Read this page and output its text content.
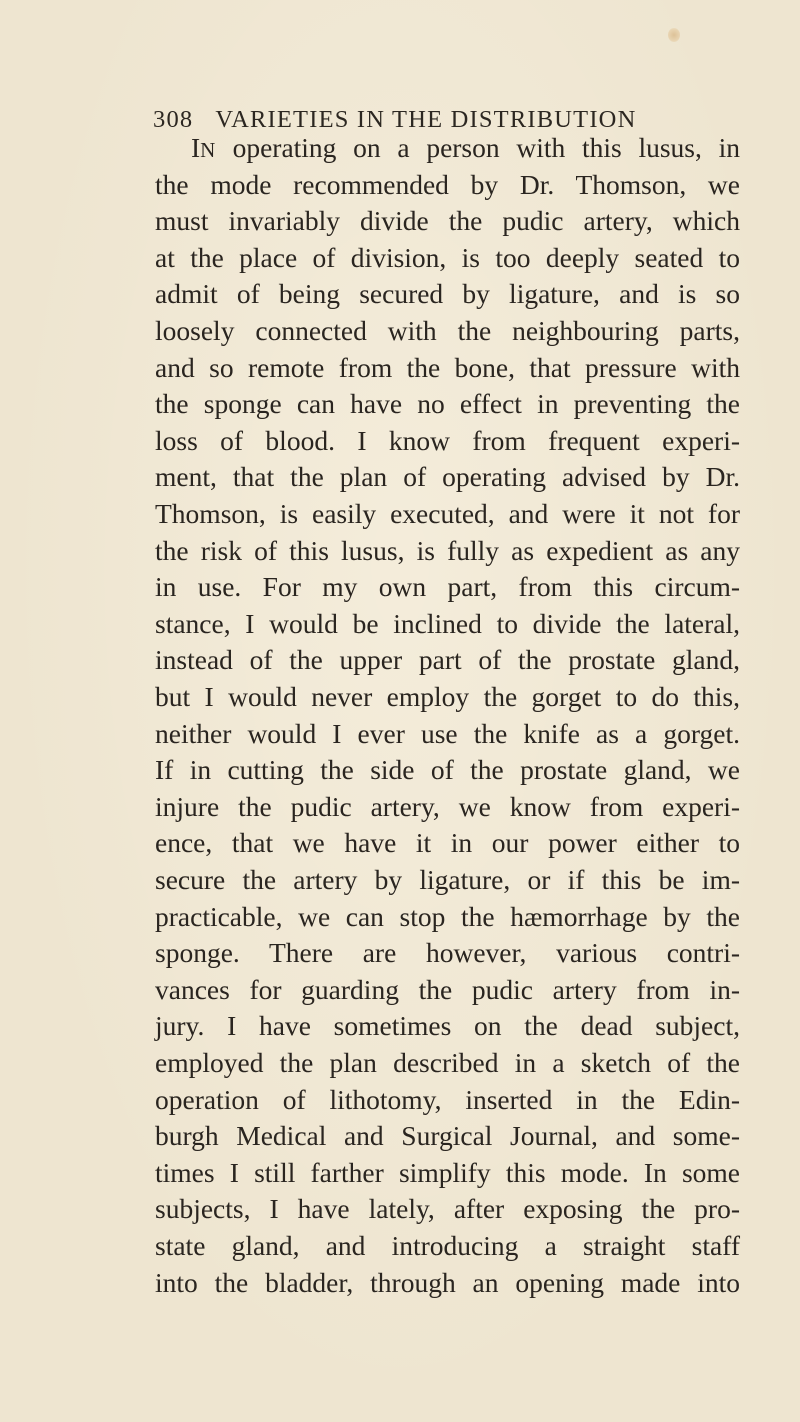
308 VARIETIES IN THE DISTRIBUTION
IN operating on a person with this lusus, in
the mode recommended by Dr. Thomson, we
must invariably divide the pudic artery, which
at the place of division, is too deeply seated to
admit of being secured by ligature, and is so
loosely connected with the neighbouring parts,
and so remote from the bone, that pressure with
the sponge can have no effect in preventing the
loss of blood. I know from frequent experi-
ment, that the plan of operating advised by Dr.
Thomson, is easily executed, and were it not for
the risk of this lusus, is fully as expedient as any
in use. For my own part, from this circum-
stance, I would be inclined to divide the lateral,
instead of the upper part of the prostate gland,
but I would never employ the gorget to do this,
neither would I ever use the knife as a gorget.
If in cutting the side of the prostate gland, we
injure the pudic artery, we know from experi-
ence, that we have it in our power either to
secure the artery by ligature, or if this be im-
practicable, we can stop the hæmorrhage by the
sponge. There are however, various contri-
vances for guarding the pudic artery from in-
jury. I have sometimes on the dead subject,
employed the plan described in a sketch of the
operation of lithotomy, inserted in the Edin-
burgh Medical and Surgical Journal, and some-
times I still farther simplify this mode. In some
subjects, I have lately, after exposing the pro-
state gland, and introducing a straight staff
into the bladder, through an opening made into
